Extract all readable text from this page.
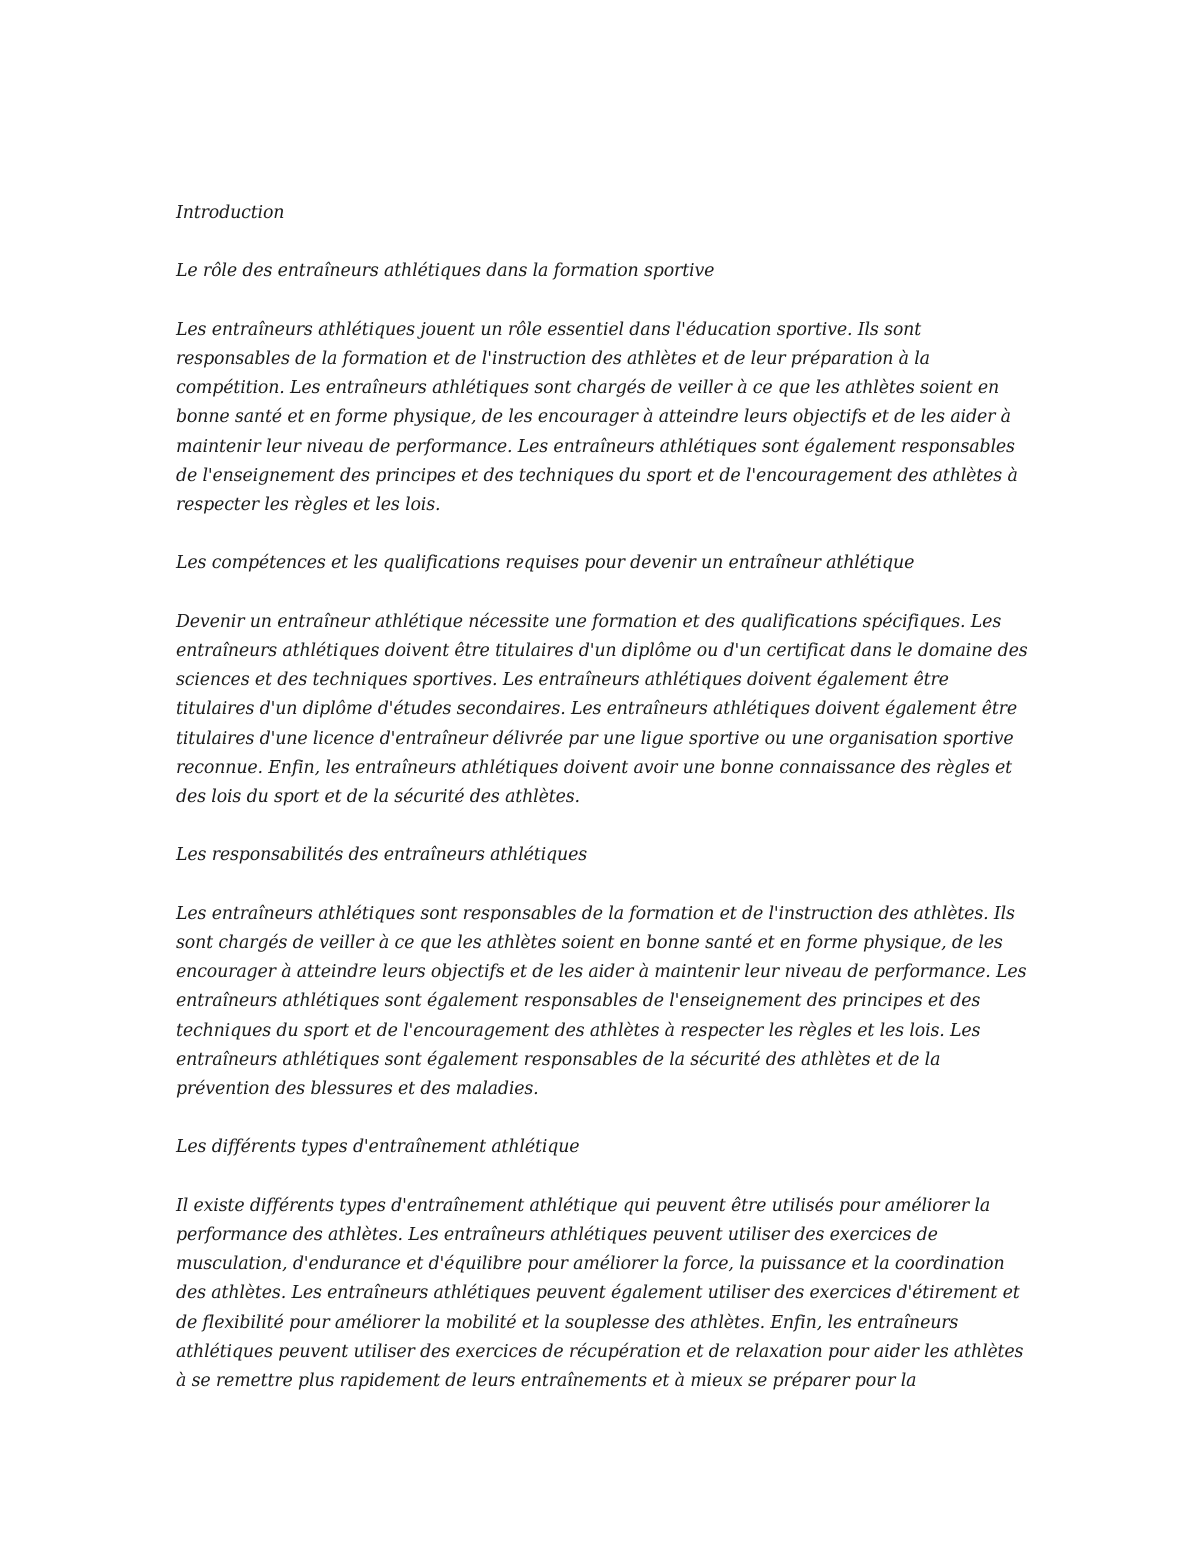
Introduction

Le rôle des entraîneurs athlétiques dans la formation sportive

Les entraîneurs athlétiques jouent un rôle essentiel dans l'éducation sportive. Ils sont responsables de la formation et de l'instruction des athlètes et de leur préparation à la compétition. Les entraîneurs athlétiques sont chargés de veiller à ce que les athlètes soient en bonne santé et en forme physique, de les encourager à atteindre leurs objectifs et de les aider à maintenir leur niveau de performance. Les entraîneurs athlétiques sont également responsables de l'enseignement des principes et des techniques du sport et de l'encouragement des athlètes à respecter les règles et les lois.

Les compétences et les qualifications requises pour devenir un entraîneur athlétique

Devenir un entraîneur athlétique nécessite une formation et des qualifications spécifiques. Les entraîneurs athlétiques doivent être titulaires d'un diplôme ou d'un certificat dans le domaine des sciences et des techniques sportives. Les entraîneurs athlétiques doivent également être titulaires d'un diplôme d'études secondaires. Les entraîneurs athlétiques doivent également être titulaires d'une licence d'entraîneur délivrée par une ligue sportive ou une organisation sportive reconnue. Enfin, les entraîneurs athlétiques doivent avoir une bonne connaissance des règles et des lois du sport et de la sécurité des athlètes.

Les responsabilités des entraîneurs athlétiques

Les entraîneurs athlétiques sont responsables de la formation et de l'instruction des athlètes. Ils sont chargés de veiller à ce que les athlètes soient en bonne santé et en forme physique, de les encourager à atteindre leurs objectifs et de les aider à maintenir leur niveau de performance. Les entraîneurs athlétiques sont également responsables de l'enseignement des principes et des techniques du sport et de l'encouragement des athlètes à respecter les règles et les lois. Les entraîneurs athlétiques sont également responsables de la sécurité des athlètes et de la prévention des blessures et des maladies.

Les différents types d'entraînement athlétique

Il existe différents types d'entraînement athlétique qui peuvent être utilisés pour améliorer la performance des athlètes. Les entraîneurs athlétiques peuvent utiliser des exercices de musculation, d'endurance et d'équilibre pour améliorer la force, la puissance et la coordination des athlètes. Les entraîneurs athlétiques peuvent également utiliser des exercices d'étirement et de flexibilité pour améliorer la mobilité et la souplesse des athlètes. Enfin, les entraîneurs athlétiques peuvent utiliser des exercices de récupération et de relaxation pour aider les athlètes à se remettre plus rapidement de leurs entraînements et à mieux se préparer pour la
